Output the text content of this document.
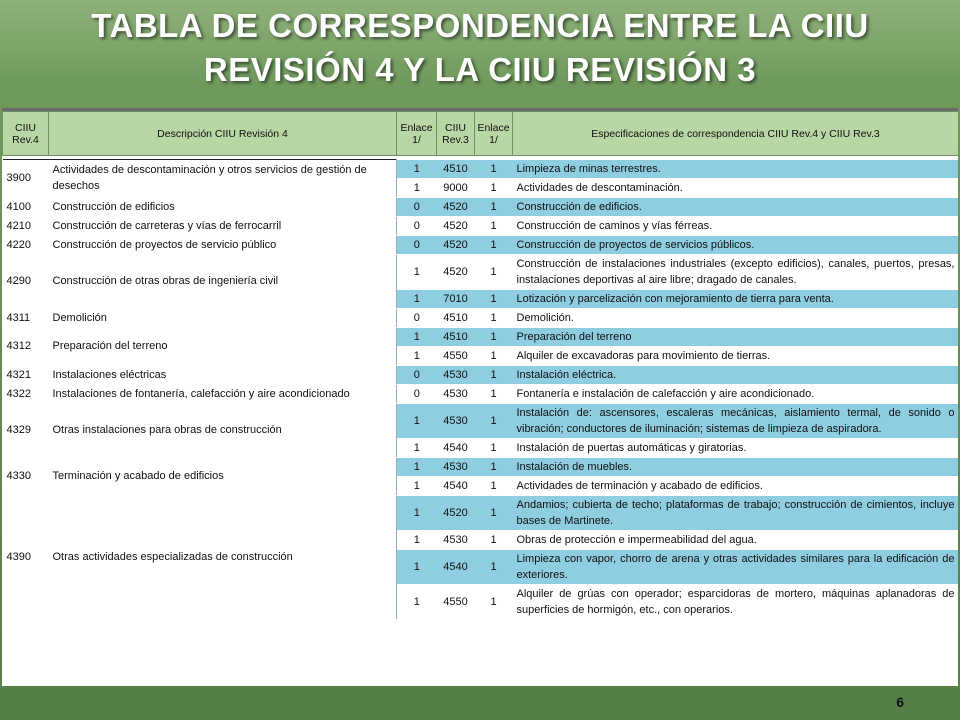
TABLA DE CORRESPONDENCIA ENTRE LA CIIU
REVISIÓN 4 Y LA CIIU REVISIÓN 3
CIIU Rev.4	Descripción CIIU Revisión 4	Enlace 1/	CIIU Rev.3	Enlace 1/	Especificaciones de correspondencia CIIU Rev.4 y CIIU Rev.3

3900	Actividades de descontaminación y otros servicios de gestión de desechos	1	4510	1	Limpieza de minas terrestres.
		1	9000	1	Actividades de descontaminación.
4100	Construcción de edificios	0	4520	1	Construcción de edificios.
4210	Construcción de carreteras y vías de ferrocarril	0	4520	1	Construcción de caminos y vías férreas.
4220	Construcción de proyectos de servicio público	0	4520	1	Construcción de proyectos de servicios públicos.
4290	Construcción de otras obras de ingeniería civil	1	4520	1	Construcción de instalaciones industriales (excepto edificios), canales, puertos, presas, instalaciones deportivas al aire libre; dragado de canales.
		1	7010	1	Lotización y parcelización con mejoramiento de tierra para venta.
4311	Demolición	0	4510	1	Demolición.
4312	Preparación del terreno	1	4510	1	Preparación del terreno
		1	4550	1	Alquiler de excavadoras para movimiento de tierras.
4321	Instalaciones eléctricas	0	4530	1	Instalación eléctrica.
4322	Instalaciones de fontanería, calefacción y aire acondicionado	0	4530	1	Fontanería e instalación de calefacción y aire acondicionado.
4329	Otras instalaciones para obras de construcción	1	4530	1	Instalación de: ascensores, escaleras mecánicas, aislamiento termal, de sonido o vibración; conductores de iluminación; sistemas de limpieza de aspiradora.
		1	4540	1	Instalación de puertas automáticas y giratorias.
4330	Terminación y acabado de edificios	1	4530	1	Instalación de muebles.
		1	4540	1	Actividades de terminación y acabado de edificios.
4390	Otras actividades especializadas de construcción	1	4520	1	Andamios; cubierta de techo; plataformas de trabajo; construcción de cimientos, incluye bases de Martinete.
		1	4530	1	Obras de protección e impermeabilidad del agua.
		1	4540	1	Limpieza con vapor, chorro de arena y otras actividades similares para la edificación de exteriores.
		1	4550	1	Alquiler de grúas con operador; esparcidoras de mortero, máquinas aplanadoras de superficies de hormigón, etc., con operarios.
6
